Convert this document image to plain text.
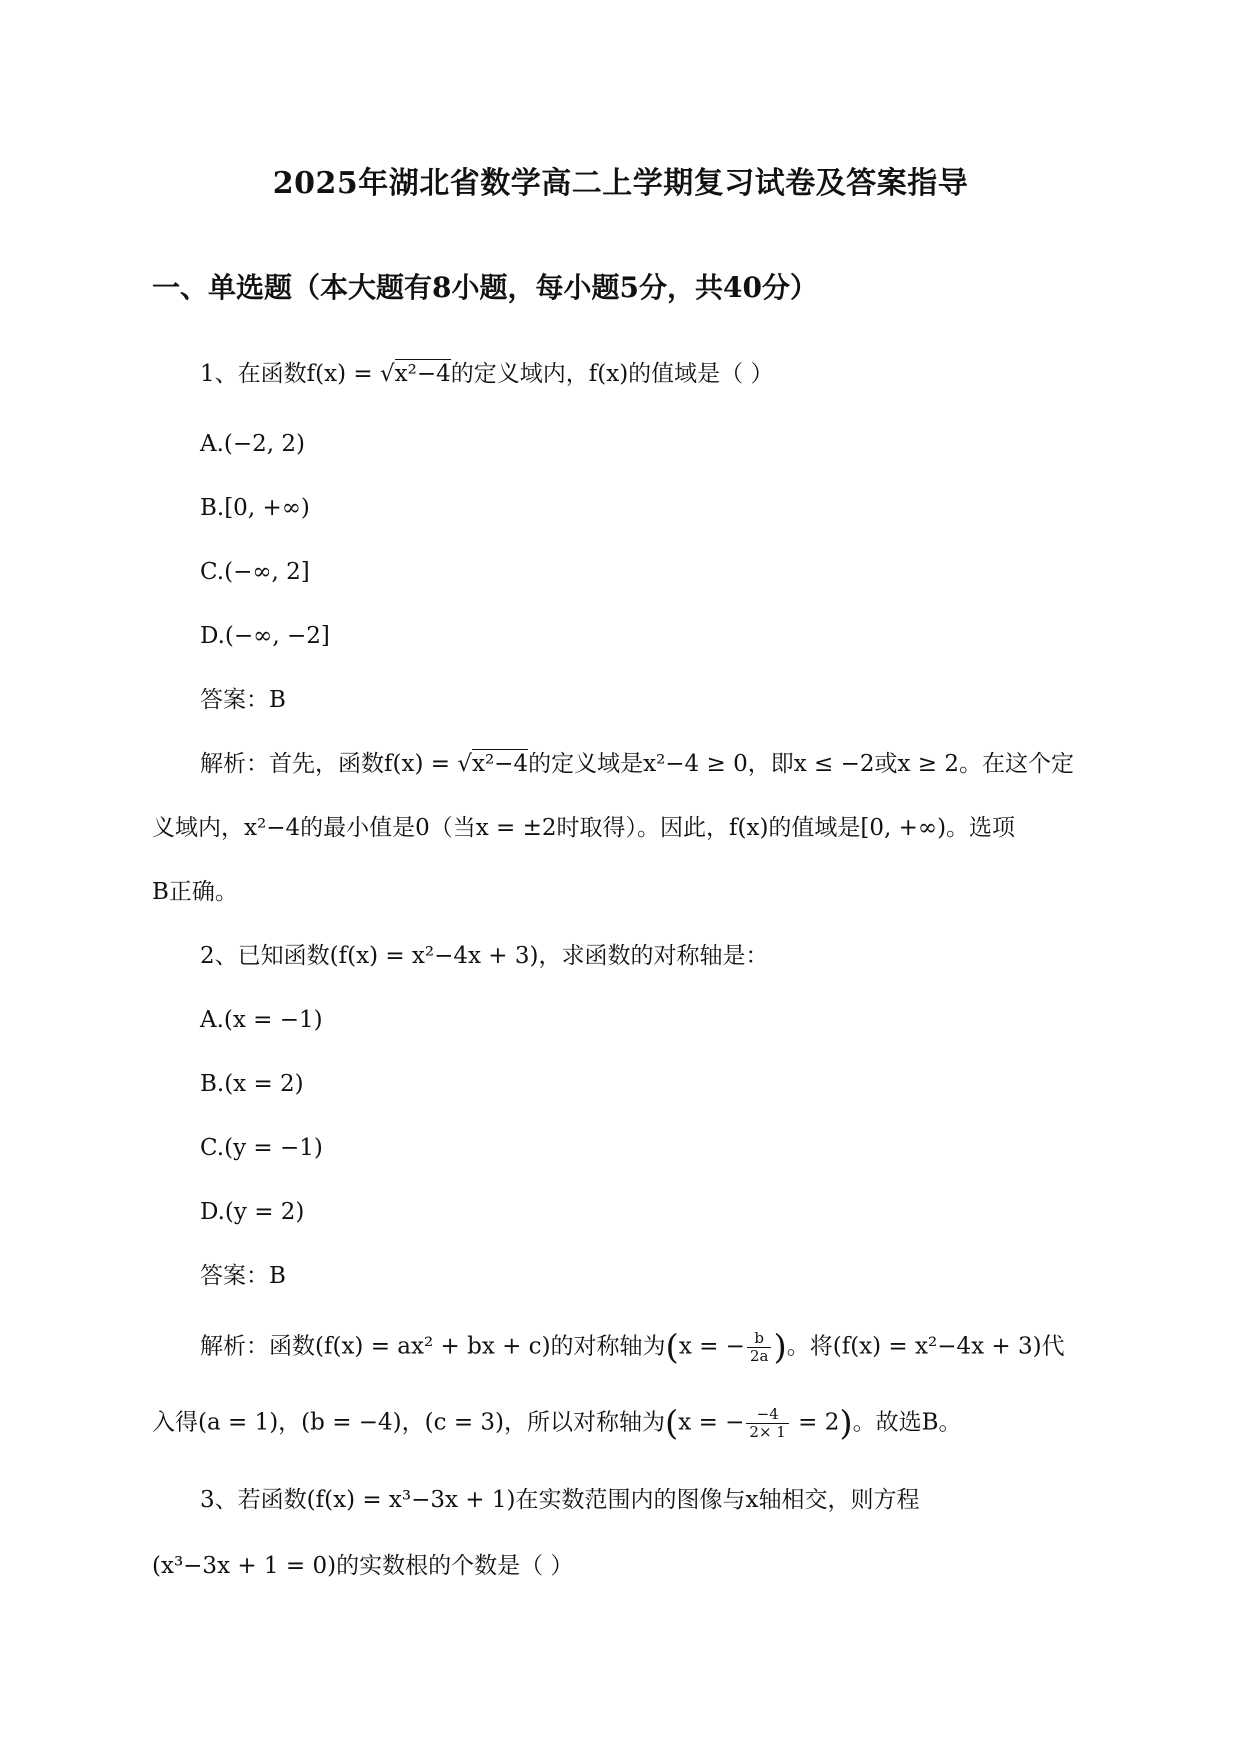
2025年湖北省数学高二上学期复习试卷及答案指导
一、单选题（本大题有8小题，每小题5分，共40分）
1、在函数f(x) = √x²−4的定义域内，f(x)的值域是（ ）
A.(−2, 2)
B.[0, +∞)
C.(−∞, 2]
D.(−∞, −2]
答案：B
解析：首先，函数f(x) = √x²−4的定义域是x²−4 ≥ 0，即x ≤ −2或x ≥ 2。在这个定
义域内，x²−4的最小值是0（当x = ±2时取得）。因此，f(x)的值域是[0, +∞)。选项
B正确。
2、已知函数(f(x) = x²−4x + 3)，求函数的对称轴是：
A.(x = −1)
B.(x = 2)
C.(y = −1)
D.(y = 2)
答案：B
解析：函数(f(x) = ax² + bx + c)的对称轴为(x = − $\frac{b}{2a}$ )。将(f(x) = x²−4x + 3)代
入得(a = 1)，(b = −4)，(c = 3)，所以对称轴为(x = − $\frac{-4}{2\times 1} = 2$)。故选B。
3、若函数(f(x) = x³−3x + 1)在实数范围内的图像与x轴相交，则方程
(x³−3x + 1 = 0)的实数根的个数是（ ）
